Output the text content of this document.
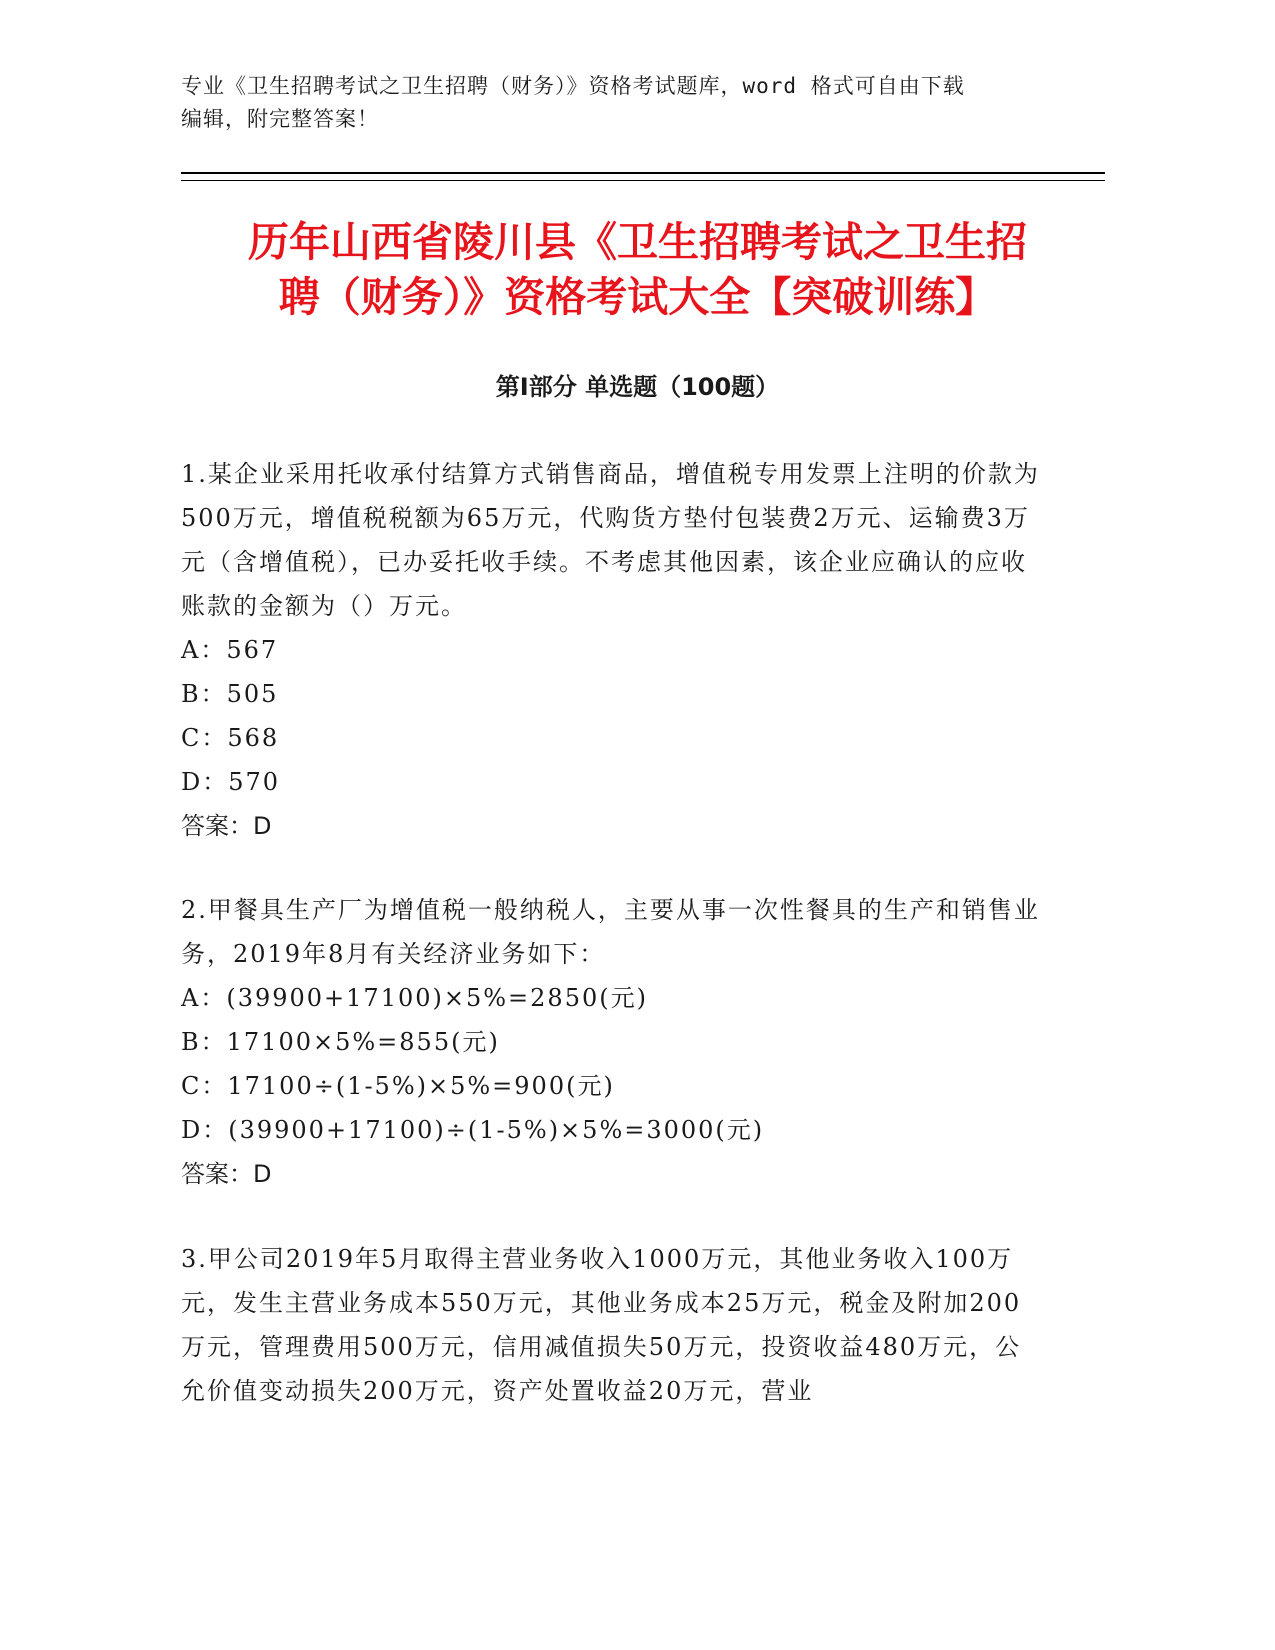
专业《卫生招聘考试之卫生招聘（财务）》资格考试题库，word 格式可自由下载
编辑，附完整答案！
历年山西省陵川县《卫生招聘考试之卫生招
聘（财务）》资格考试大全【突破训练】
第Ⅰ部分 单选题（100题）
1.某企业采用托收承付结算方式销售商品，增值税专用发票上注明的价款为500万元，增值税税额为65万元，代购货方垫付包装费2万元、运输费3万元（含增值税），已办妥托收手续。不考虑其他因素，该企业应确认的应收账款的金额为（）万元。
A：567
B：505
C：568
D：570
答案：D
2.甲餐具生产厂为增值税一般纳税人，主要从事一次性餐具的生产和销售业务，2019年8月有关经济业务如下：
A：(39900+17100)×5%=2850(元)
B：17100×5%=855(元)
C：17100÷(1-5%)×5%=900(元)
D：(39900+17100)÷(1-5%)×5%=3000(元)
答案：D
3.甲公司2019年5月取得主营业务收入1000万元，其他业务收入100万元，发生主营业务成本550万元，其他业务成本25万元，税金及附加200万元，管理费用500万元，信用减值损失50万元，投资收益480万元，公允价值变动损失200万元，资产处置收益20万元，营业
